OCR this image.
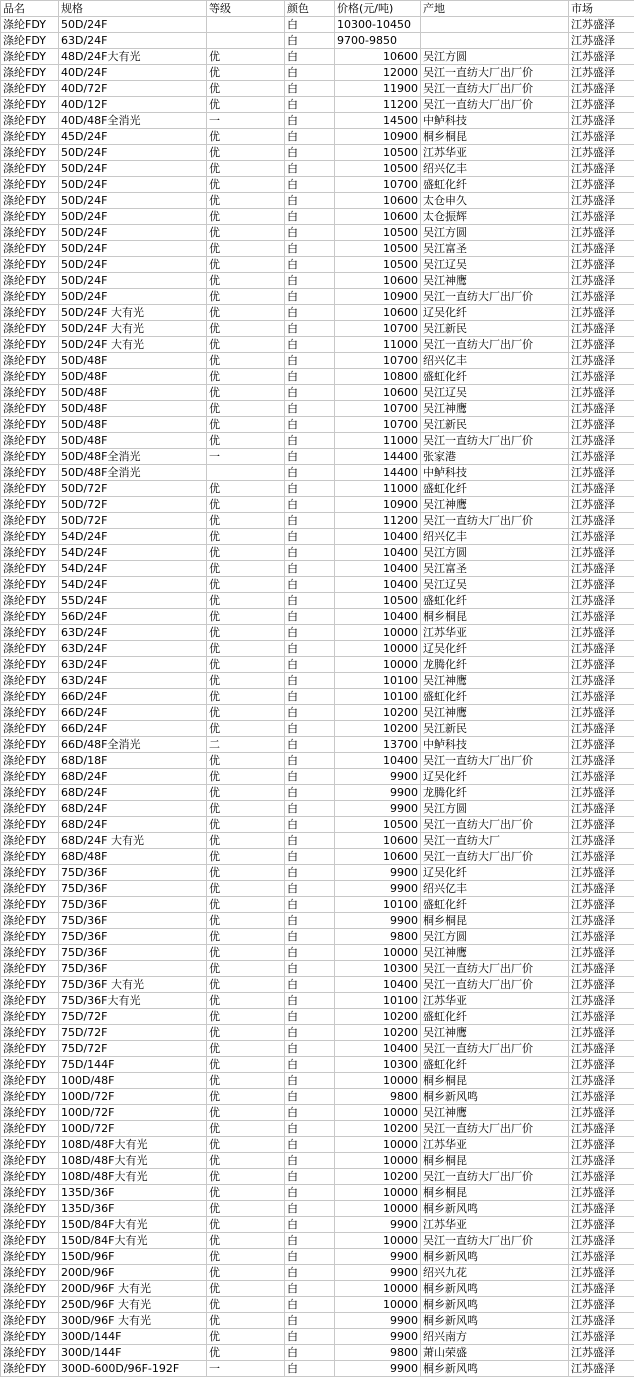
品名	规格	等级	颜色	价格(元/吨)	产地	市场
涤纶FDY	50D/24F		白	10300-10450		江苏盛泽
涤纶FDY	63D/24F		白	9700-9850		江苏盛泽
涤纶FDY	48D/24F大有光	优	白	10600	吴江方圆	江苏盛泽
涤纶FDY	40D/24F	优	白	12000	吴江一直纺大厂出厂价	江苏盛泽
涤纶FDY	40D/72F	优	白	11900	吴江一直纺大厂出厂价	江苏盛泽
涤纶FDY	40D/12F	优	白	11200	吴江一直纺大厂出厂价	江苏盛泽
涤纶FDY	40D/48F全消光	一	白	14500	中鲈科技	江苏盛泽
涤纶FDY	45D/24F	优	白	10900	桐乡桐昆	江苏盛泽
涤纶FDY	50D/24F	优	白	10500	江苏华亚	江苏盛泽
涤纶FDY	50D/24F	优	白	10500	绍兴亿丰	江苏盛泽
涤纶FDY	50D/24F	优	白	10700	盛虹化纤	江苏盛泽
涤纶FDY	50D/24F	优	白	10600	太仓申久	江苏盛泽
涤纶FDY	50D/24F	优	白	10600	太仓振辉	江苏盛泽
涤纶FDY	50D/24F	优	白	10500	吴江方圆	江苏盛泽
涤纶FDY	50D/24F	优	白	10500	吴江富圣	江苏盛泽
涤纶FDY	50D/24F	优	白	10500	吴江辽吴	江苏盛泽
涤纶FDY	50D/24F	优	白	10600	吴江神鹰	江苏盛泽
涤纶FDY	50D/24F	优	白	10900	吴江一直纺大厂出厂价	江苏盛泽
涤纶FDY	50D/24F 大有光	优	白	10600	辽吴化纤	江苏盛泽
涤纶FDY	50D/24F 大有光	优	白	10700	吴江新民	江苏盛泽
涤纶FDY	50D/24F 大有光	优	白	11000	吴江一直纺大厂出厂价	江苏盛泽
涤纶FDY	50D/48F	优	白	10700	绍兴亿丰	江苏盛泽
涤纶FDY	50D/48F	优	白	10800	盛虹化纤	江苏盛泽
涤纶FDY	50D/48F	优	白	10600	吴江辽吴	江苏盛泽
涤纶FDY	50D/48F	优	白	10700	吴江神鹰	江苏盛泽
涤纶FDY	50D/48F	优	白	10700	吴江新民	江苏盛泽
涤纶FDY	50D/48F	优	白	11000	吴江一直纺大厂出厂价	江苏盛泽
涤纶FDY	50D/48F全消光	一	白	14400	张家港	江苏盛泽
涤纶FDY	50D/48F全消光		白	14400	中鲈科技	江苏盛泽
涤纶FDY	50D/72F	优	白	11000	盛虹化纤	江苏盛泽
涤纶FDY	50D/72F	优	白	10900	吴江神鹰	江苏盛泽
涤纶FDY	50D/72F	优	白	11200	吴江一直纺大厂出厂价	江苏盛泽
涤纶FDY	54D/24F	优	白	10400	绍兴亿丰	江苏盛泽
涤纶FDY	54D/24F	优	白	10400	吴江方圆	江苏盛泽
涤纶FDY	54D/24F	优	白	10400	吴江富圣	江苏盛泽
涤纶FDY	54D/24F	优	白	10400	吴江辽吴	江苏盛泽
涤纶FDY	55D/24F	优	白	10500	盛虹化纤	江苏盛泽
涤纶FDY	56D/24F	优	白	10400	桐乡桐昆	江苏盛泽
涤纶FDY	63D/24F	优	白	10000	江苏华亚	江苏盛泽
涤纶FDY	63D/24F	优	白	10000	辽吴化纤	江苏盛泽
涤纶FDY	63D/24F	优	白	10000	龙腾化纤	江苏盛泽
涤纶FDY	63D/24F	优	白	10100	吴江神鹰	江苏盛泽
涤纶FDY	66D/24F	优	白	10100	盛虹化纤	江苏盛泽
涤纶FDY	66D/24F	优	白	10200	吴江神鹰	江苏盛泽
涤纶FDY	66D/24F	优	白	10200	吴江新民	江苏盛泽
涤纶FDY	66D/48F全消光	二	白	13700	中鲈科技	江苏盛泽
涤纶FDY	68D/18F	优	白	10400	吴江一直纺大厂出厂价	江苏盛泽
涤纶FDY	68D/24F	优	白	9900	辽吴化纤	江苏盛泽
涤纶FDY	68D/24F	优	白	9900	龙腾化纤	江苏盛泽
涤纶FDY	68D/24F	优	白	9900	吴江方圆	江苏盛泽
涤纶FDY	68D/24F	优	白	10500	吴江一直纺大厂出厂价	江苏盛泽
涤纶FDY	68D/24F 大有光	优	白	10600	吴江一直纺大厂	江苏盛泽
涤纶FDY	68D/48F	优	白	10600	吴江一直纺大厂出厂价	江苏盛泽
涤纶FDY	75D/36F	优	白	9900	辽吴化纤	江苏盛泽
涤纶FDY	75D/36F	优	白	9900	绍兴亿丰	江苏盛泽
涤纶FDY	75D/36F	优	白	10100	盛虹化纤	江苏盛泽
涤纶FDY	75D/36F	优	白	9900	桐乡桐昆	江苏盛泽
涤纶FDY	75D/36F	优	白	9800	吴江方圆	江苏盛泽
涤纶FDY	75D/36F	优	白	10000	吴江神鹰	江苏盛泽
涤纶FDY	75D/36F	优	白	10300	吴江一直纺大厂出厂价	江苏盛泽
涤纶FDY	75D/36F 大有光	优	白	10400	吴江一直纺大厂出厂价	江苏盛泽
涤纶FDY	75D/36F大有光	优	白	10100	江苏华亚	江苏盛泽
涤纶FDY	75D/72F	优	白	10200	盛虹化纤	江苏盛泽
涤纶FDY	75D/72F	优	白	10200	吴江神鹰	江苏盛泽
涤纶FDY	75D/72F	优	白	10400	吴江一直纺大厂出厂价	江苏盛泽
涤纶FDY	75D/144F	优	白	10300	盛虹化纤	江苏盛泽
涤纶FDY	100D/48F	优	白	10000	桐乡桐昆	江苏盛泽
涤纶FDY	100D/72F	优	白	9800	桐乡新风鸣	江苏盛泽
涤纶FDY	100D/72F	优	白	10000	吴江神鹰	江苏盛泽
涤纶FDY	100D/72F	优	白	10200	吴江一直纺大厂出厂价	江苏盛泽
涤纶FDY	108D/48F大有光	优	白	10000	江苏华亚	江苏盛泽
涤纶FDY	108D/48F大有光	优	白	10000	桐乡桐昆	江苏盛泽
涤纶FDY	108D/48F大有光	优	白	10200	吴江一直纺大厂出厂价	江苏盛泽
涤纶FDY	135D/36F	优	白	10000	桐乡桐昆	江苏盛泽
涤纶FDY	135D/36F	优	白	10000	桐乡新风鸣	江苏盛泽
涤纶FDY	150D/84F大有光	优	白	9900	江苏华亚	江苏盛泽
涤纶FDY	150D/84F大有光	优	白	10000	吴江一直纺大厂出厂价	江苏盛泽
涤纶FDY	150D/96F	优	白	9900	桐乡新风鸣	江苏盛泽
涤纶FDY	200D/96F	优	白	9900	绍兴九花	江苏盛泽
涤纶FDY	200D/96F 大有光	优	白	10000	桐乡新风鸣	江苏盛泽
涤纶FDY	250D/96F 大有光	优	白	10000	桐乡新风鸣	江苏盛泽
涤纶FDY	300D/96F 大有光	优	白	9900	桐乡新风鸣	江苏盛泽
涤纶FDY	300D/144F	优	白	9900	绍兴南方	江苏盛泽
涤纶FDY	300D/144F	优	白	9800	萧山荣盛	江苏盛泽
涤纶FDY	300D-600D/96F-192F	一	白	9900	桐乡新风鸣	江苏盛泽
